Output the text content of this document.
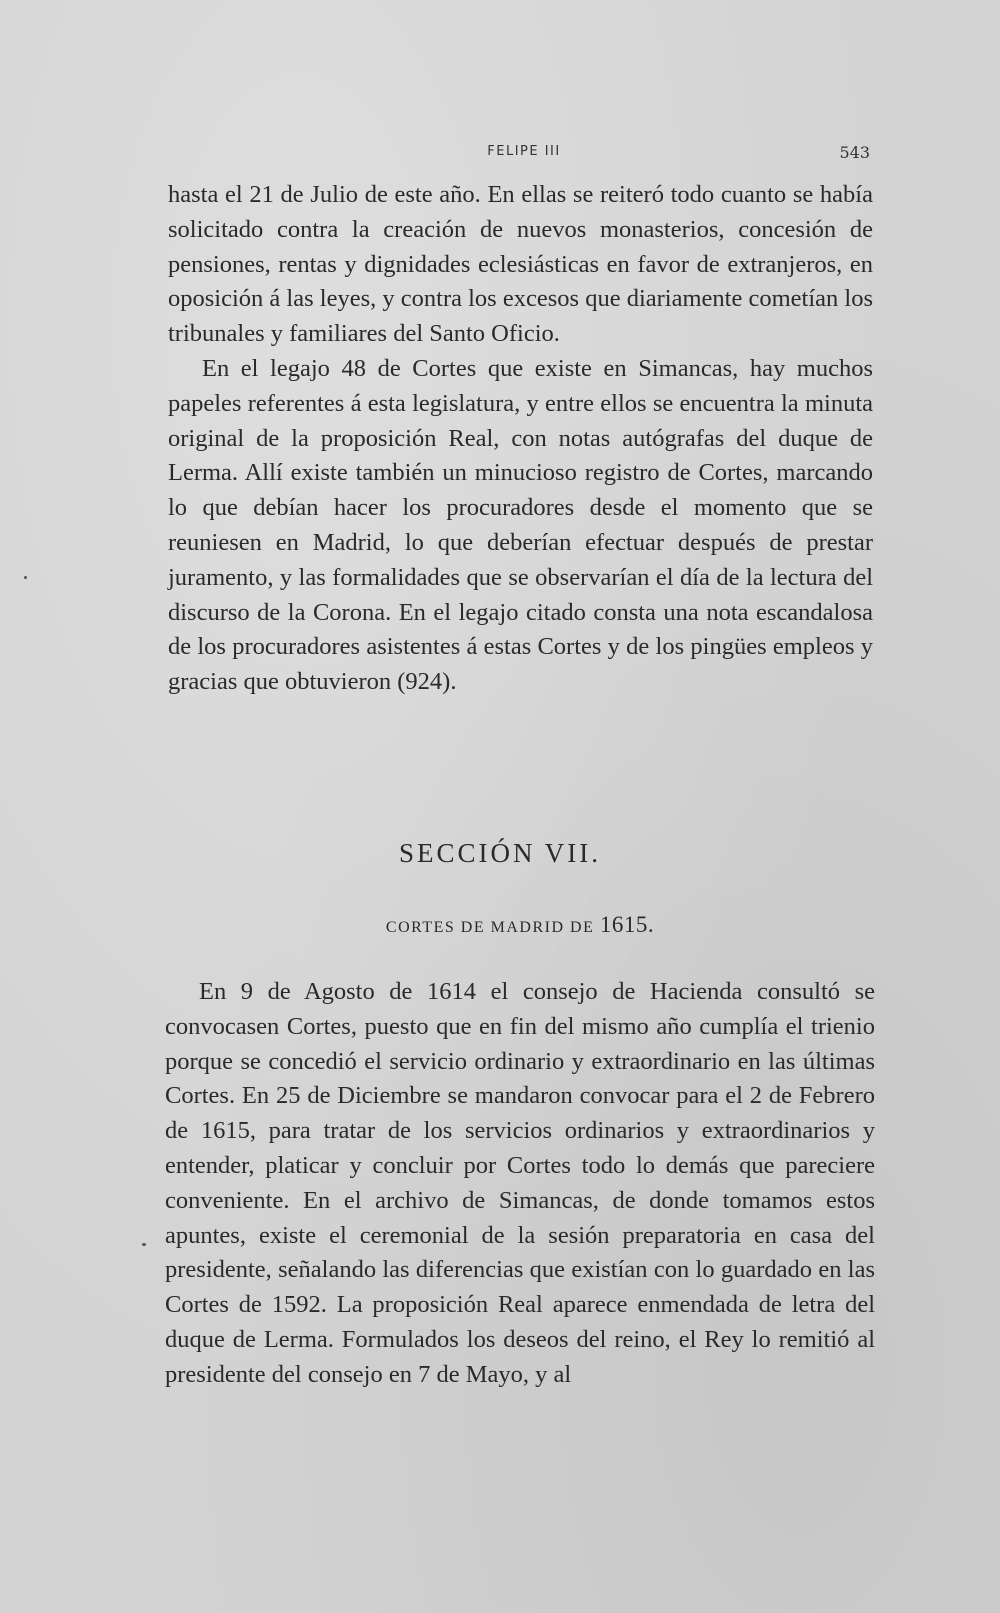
FELIPE III	543

hasta el 21 de Julio de este año. En ellas se reiteró todo cuanto se había solicitado contra la creación de nuevos monasterios, concesión de pensiones, rentas y dignidades eclesiásticas en favor de extranjeros, en oposición á las leyes, y contra los excesos que diariamente cometían los tribunales y familiares del Santo Oficio.

En el legajo 48 de Cortes que existe en Simancas, hay muchos papeles referentes á esta legislatura, y entre ellos se encuentra la minuta original de la proposición Real, con notas autógrafas del duque de Lerma. Allí existe también un minucioso registro de Cortes, marcando lo que debían hacer los procuradores desde el momento que se reuniesen en Madrid, lo que deberían efectuar después de prestar juramento, y las formalidades que se observarían el día de la lectura del discurso de la Corona. En el legajo citado consta una nota escandalosa de los procuradores asistentes á estas Cortes y de los pingües empleos y gracias que obtuvieron (924).

SECCIÓN VII.
CORTES DE MADRID DE 1615.

En 9 de Agosto de 1614 el consejo de Hacienda consultó se convocasen Cortes, puesto que en fin del mismo año cumplía el trienio porque se concedió el servicio ordinario y extraordinario en las últimas Cortes. En 25 de Diciembre se mandaron convocar para el 2 de Febrero de 1615, para tratar de los servicios ordinarios y extraordinarios y entender, platicar y concluir por Cortes todo lo demás que pareciere conveniente. En el archivo de Simancas, de donde tomamos estos apuntes, existe el ceremonial de la sesión preparatoria en casa del presidente, señalando las diferencias que existían con lo guardado en las Cortes de 1592. La proposición Real aparece enmendada de letra del duque de Lerma. Formulados los deseos del reino, el Rey lo remitió al presidente del consejo en 7 de Mayo, y al
